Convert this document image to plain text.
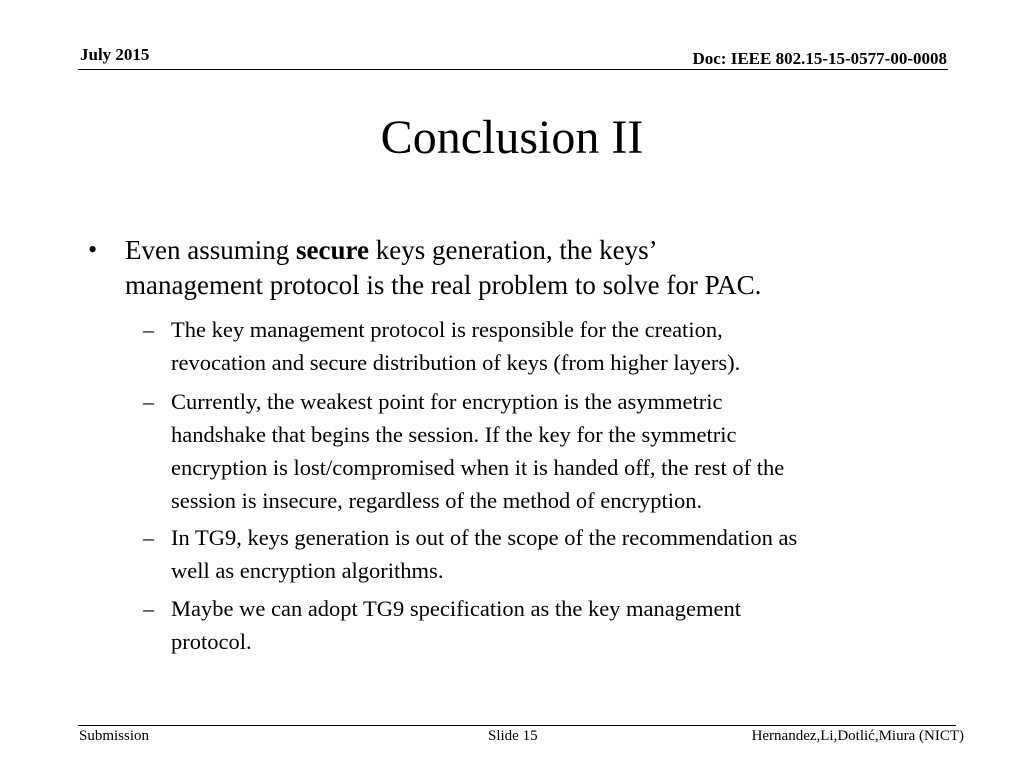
July 2015	Doc: IEEE 802.15-15-0577-00-0008
Conclusion II
• Even assuming secure keys generation, the keys’
management protocol is the real problem to solve for PAC.
– The key management protocol is responsible for the creation,
revocation and secure distribution of keys (from higher layers).
– Currently, the weakest point for encryption is the asymmetric
handshake that begins the session. If the key for the symmetric
encryption is lost/compromised when it is handed off, the rest of the
session is insecure, regardless of the method of encryption.
– In TG9, keys generation is out of the scope of the recommendation as
well as encryption algorithms.
– Maybe we can adopt TG9 specification as the key management
protocol.
Submission	Slide 15	Hernandez,Li,Dotlić,Miura (NICT)
